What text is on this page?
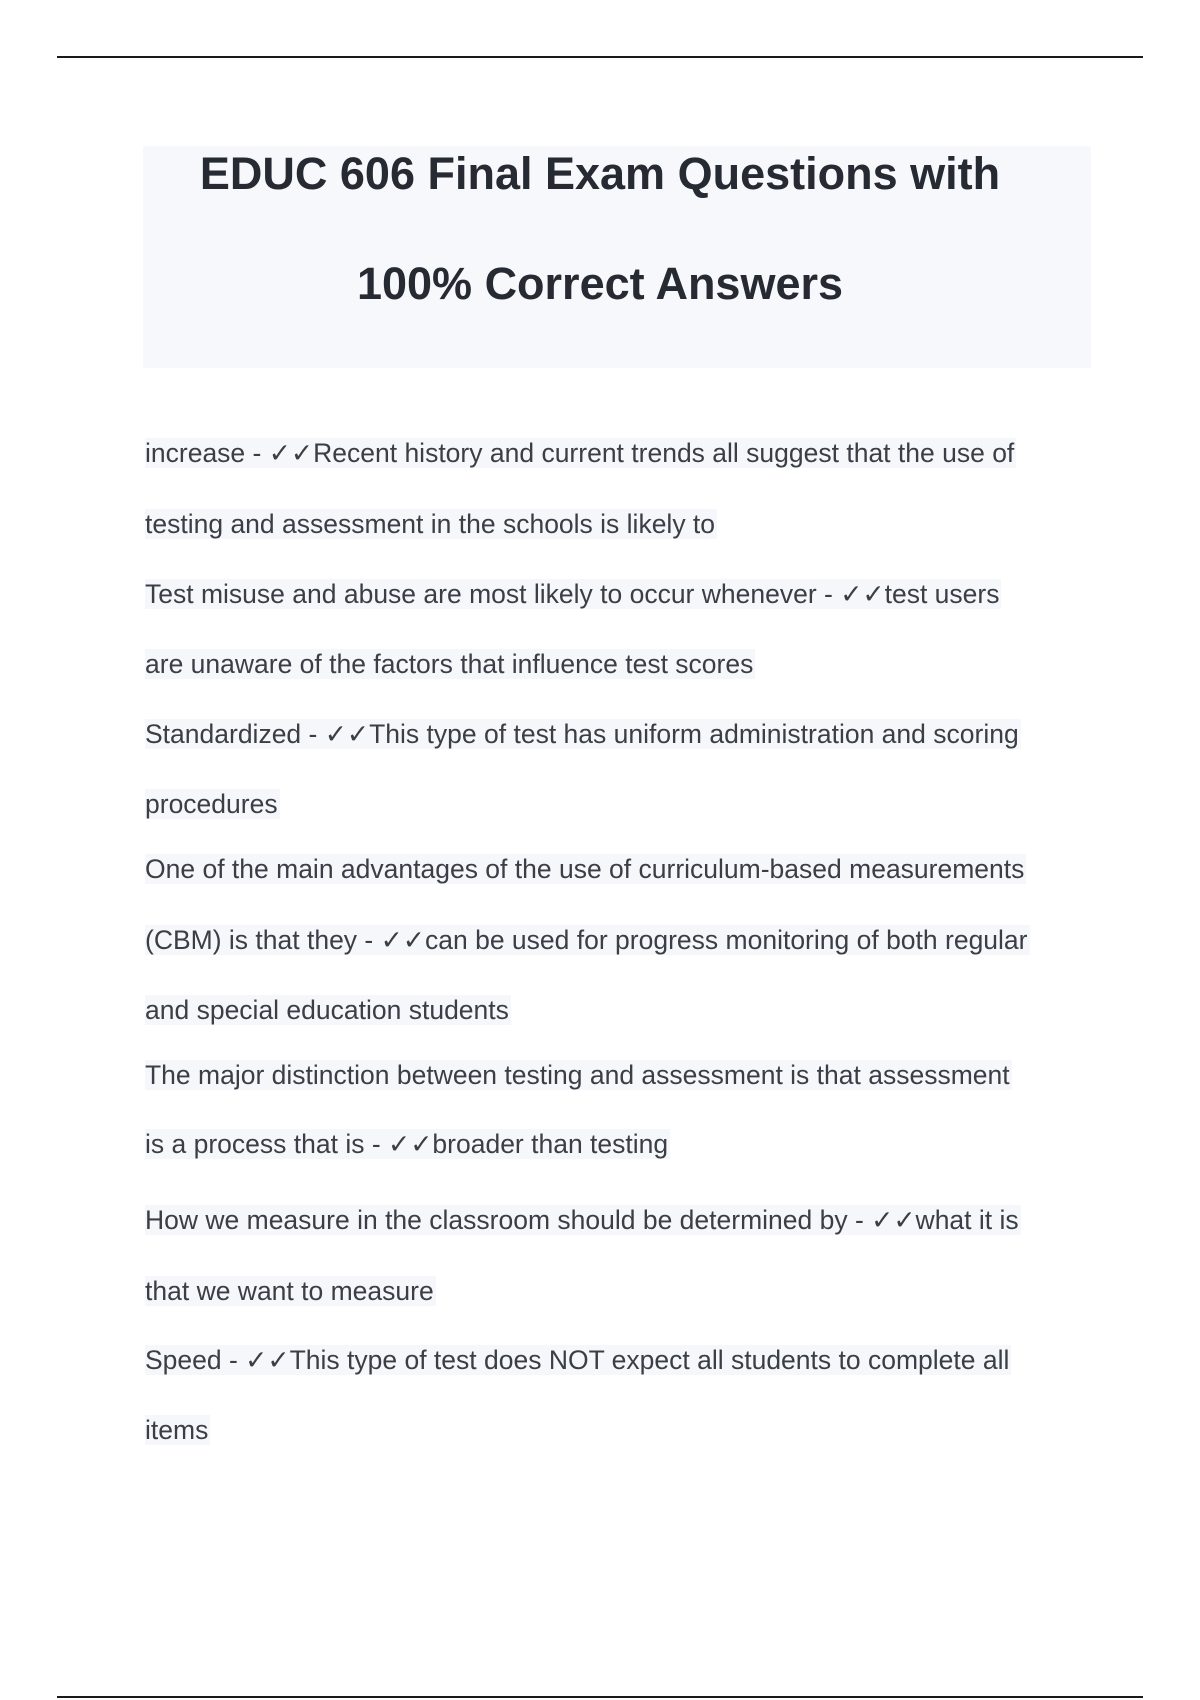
EDUC 606 Final Exam Questions with
100% Correct Answers
increase - ✓✓Recent history and current trends all suggest that the use of
testing and assessment in the schools is likely to
Test misuse and abuse are most likely to occur whenever - ✓✓test users
are unaware of the factors that influence test scores
Standardized - ✓✓This type of test has uniform administration and scoring
procedures
One of the main advantages of the use of curriculum-based measurements
(CBM) is that they - ✓✓can be used for progress monitoring of both regular
and special education students
The major distinction between testing and assessment is that assessment
is a process that is - ✓✓broader than testing
How we measure in the classroom should be determined by - ✓✓what it is
that we want to measure
Speed - ✓✓This type of test does NOT expect all students to complete all
items
